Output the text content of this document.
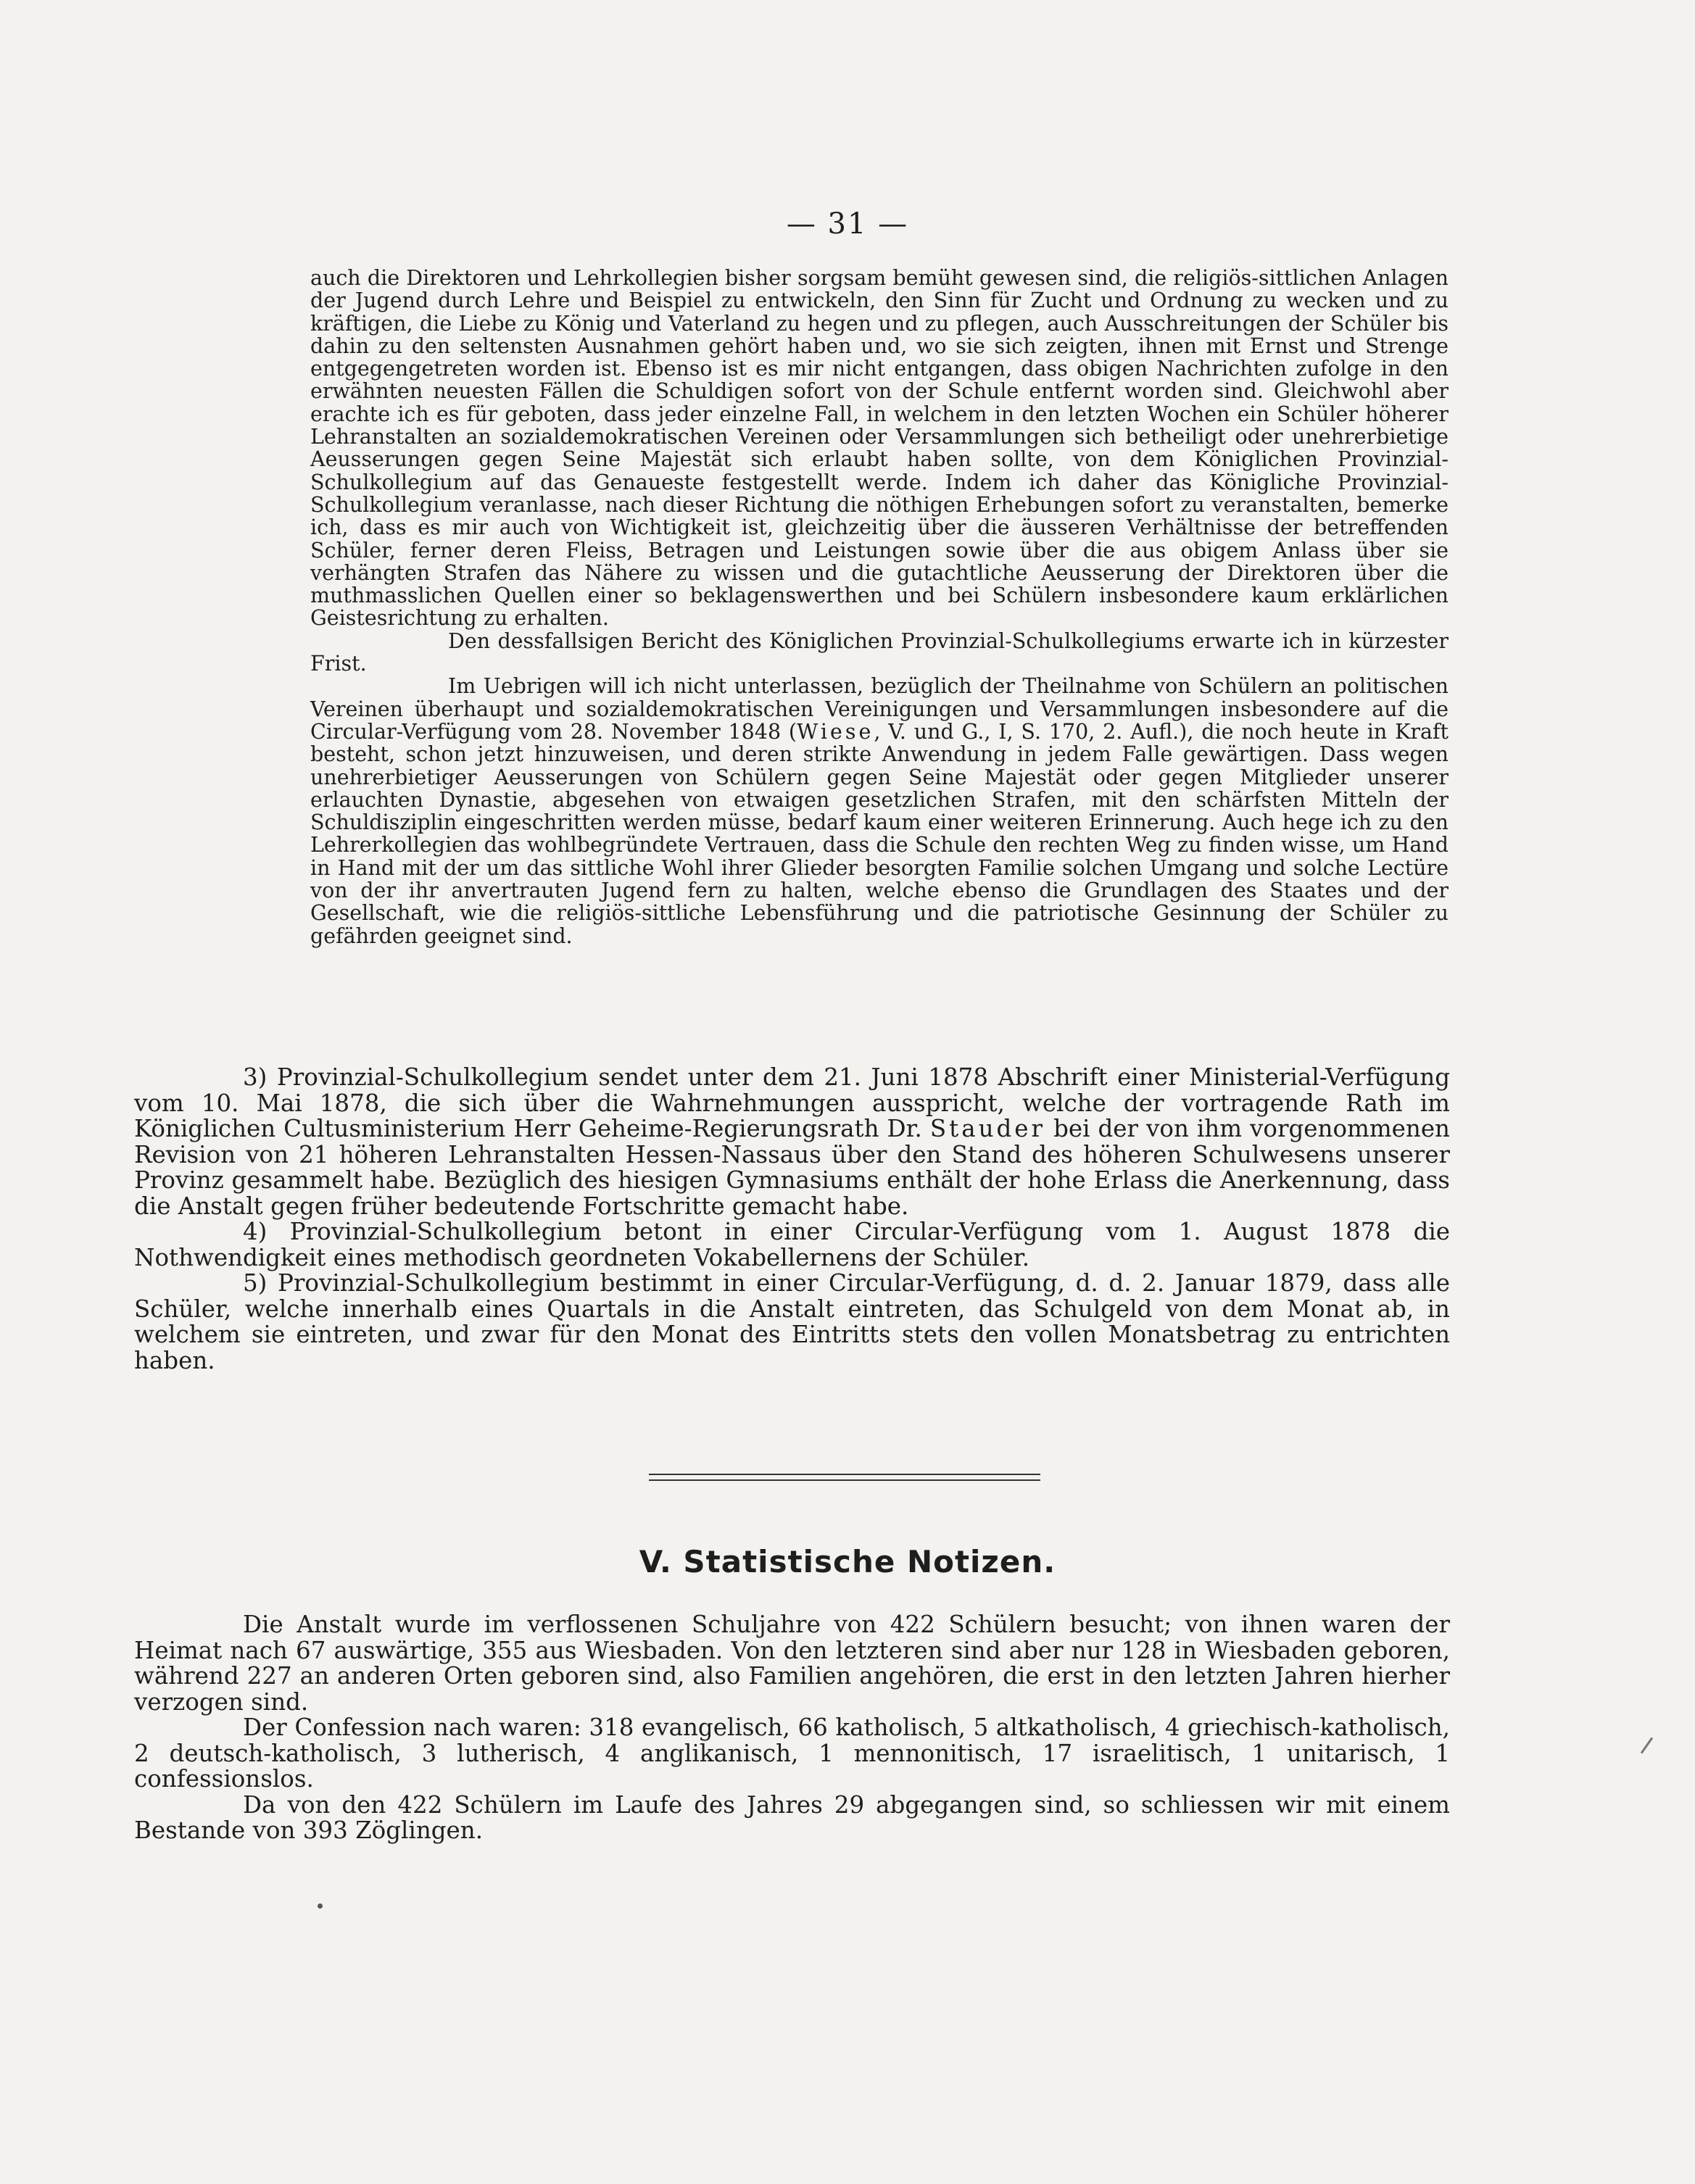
— 31 —

auch die Direktoren und Lehrkollegien bisher sorgsam bemüht gewesen sind, die religiös-sittlichen Anlagen der Jugend durch Lehre und Beispiel zu entwickeln, den Sinn für Zucht und Ordnung zu wecken und zu kräftigen, die Liebe zu König und Vaterland zu hegen und zu pflegen, auch Ausschreitungen der Schüler bis dahin zu den seltensten Ausnahmen gehört haben und, wo sie sich zeigten, ihnen mit Ernst und Strenge entgegengetreten worden ist. Ebenso ist es mir nicht entgangen, dass obigen Nachrichten zufolge in den erwähnten neuesten Fällen die Schuldigen sofort von der Schule entfernt worden sind. Gleichwohl aber erachte ich es für geboten, dass jeder einzelne Fall, in welchem in den letzten Wochen ein Schüler höherer Lehranstalten an sozialdemokratischen Vereinen oder Versammlungen sich betheiligt oder unehrerbietige Aeusserungen gegen Seine Majestät sich erlaubt haben sollte, von dem Königlichen Provinzial-Schulkollegium auf das Genaueste festgestellt werde. Indem ich daher das Königliche Provinzial-Schulkollegium veranlasse, nach dieser Richtung die nöthigen Erhebungen sofort zu veranstalten, bemerke ich, dass es mir auch von Wichtigkeit ist, gleichzeitig über die äusseren Verhältnisse der betreffenden Schüler, ferner deren Fleiss, Betragen und Leistungen sowie über die aus obigem Anlass über sie verhängten Strafen das Nähere zu wissen und die gutachtliche Aeusserung der Direktoren über die muthmasslichen Quellen einer so beklagenswerthen und bei Schülern insbesondere kaum erklärlichen Geistesrichtung zu erhalten.

Den dessfallsigen Bericht des Königlichen Provinzial-Schulkollegiums erwarte ich in kürzester Frist.

Im Uebrigen will ich nicht unterlassen, bezüglich der Theilnahme von Schülern an politischen Vereinen überhaupt und sozialdemokratischen Vereinigungen und Versammlungen insbesondere auf die Circular-Verfügung vom 28. November 1848 (Wiese, V. und G., I, S. 170, 2. Aufl.), die noch heute in Kraft besteht, schon jetzt hinzuweisen, und deren strikte Anwendung in jedem Falle gewärtigen. Dass wegen unehrerbietiger Aeusserungen von Schülern gegen Seine Majestät oder gegen Mitglieder unserer erlauchten Dynastie, abgesehen von etwaigen gesetzlichen Strafen, mit den schärfsten Mitteln der Schuldisziplin eingeschritten werden müsse, bedarf kaum einer weiteren Erinnerung. Auch hege ich zu den Lehrerkollegien das wohlbegründete Vertrauen, dass die Schule den rechten Weg zu finden wisse, um Hand in Hand mit der um das sittliche Wohl ihrer Glieder besorgten Familie solchen Umgang und solche Lectüre von der ihr anvertrauten Jugend fern zu halten, welche ebenso die Grundlagen des Staates und der Gesellschaft, wie die religiös-sittliche Lebensführung und die patriotische Gesinnung der Schüler zu gefährden geeignet sind.

3) Provinzial-Schulkollegium sendet unter dem 21. Juni 1878 Abschrift einer Ministerial-Verfügung vom 10. Mai 1878, die sich über die Wahrnehmungen ausspricht, welche der vortragende Rath im Königlichen Cultusministerium Herr Geheime-Regierungsrath Dr. Stauder bei der von ihm vorgenommenen Revision von 21 höheren Lehranstalten Hessen-Nassaus über den Stand des höheren Schulwesens unserer Provinz gesammelt habe. Bezüglich des hiesigen Gymnasiums enthält der hohe Erlass die Anerkennung, dass die Anstalt gegen früher bedeutende Fortschritte gemacht habe.

4) Provinzial-Schulkollegium betont in einer Circular-Verfügung vom 1. August 1878 die Nothwendigkeit eines methodisch geordneten Vokabellernens der Schüler.

5) Provinzial-Schulkollegium bestimmt in einer Circular-Verfügung, d. d. 2. Januar 1879, dass alle Schüler, welche innerhalb eines Quartals in die Anstalt eintreten, das Schulgeld von dem Monat ab, in welchem sie eintreten, und zwar für den Monat des Eintritts stets den vollen Monatsbetrag zu entrichten haben.

V. Statistische Notizen.

Die Anstalt wurde im verflossenen Schuljahre von 422 Schülern besucht; von ihnen waren der Heimat nach 67 auswärtige, 355 aus Wiesbaden. Von den letzteren sind aber nur 128 in Wiesbaden geboren, während 227 an anderen Orten geboren sind, also Familien angehören, die erst in den letzten Jahren hierher verzogen sind.

Der Confession nach waren: 318 evangelisch, 66 katholisch, 5 altkatholisch, 4 griechisch-katholisch, 2 deutsch-katholisch, 3 lutherisch, 4 anglikanisch, 1 mennonitisch, 17 israelitisch, 1 unitarisch, 1 confessionslos.

Da von den 422 Schülern im Laufe des Jahres 29 abgegangen sind, so schliessen wir mit einem Bestande von 393 Zöglingen.
